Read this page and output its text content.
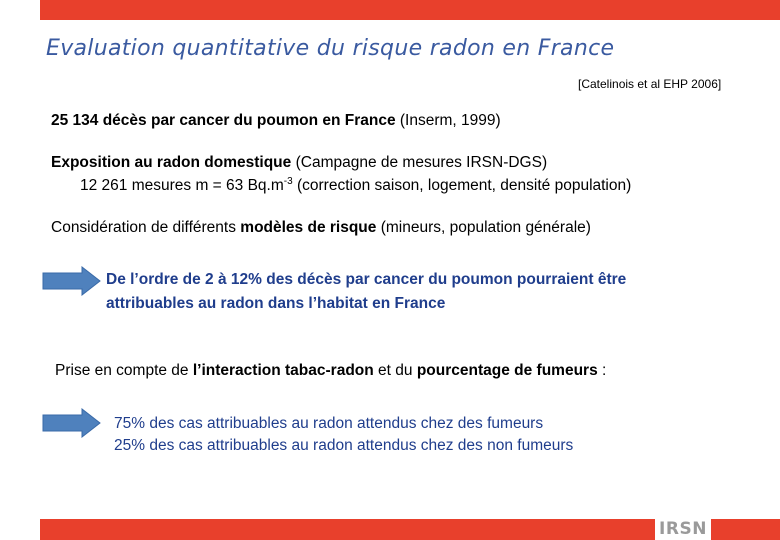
Evaluation quantitative du risque radon en France
[Catelinois et al EHP 2006]
25 134 décès par cancer du poumon en France (Inserm, 1999)
Exposition au radon domestique (Campagne de mesures IRSN-DGS)
12 261 mesures m = 63 $Bq.m^{-3}$ (correction saison, logement, densité population)
Considération de différents modèles de risque (mineurs, population générale)
De l’ordre de 2 à 12% des décès par cancer du poumon pourraient être
attribuables au radon dans l’habitat en France
Prise en compte de l’interaction tabac-radon et du pourcentage de fumeurs :
75% des cas attribuables au radon attendus chez des fumeurs
25% des cas attribuables au radon attendus chez des non fumeurs
IRSN
